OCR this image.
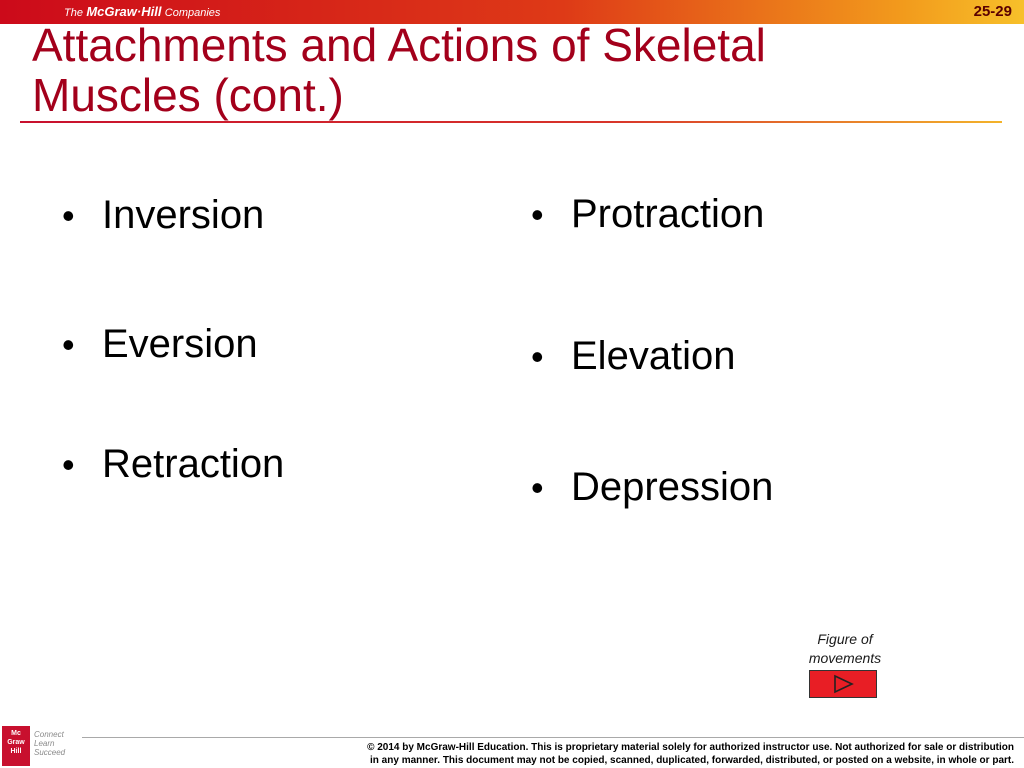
The McGraw·Hill Companies	25-29
Attachments and Actions of Skeletal
Muscles (cont.)
• Inversion
• Eversion
• Retraction
• Protraction
• Elevation
• Depression
Figure of
movements
Mc Graw Hill
Connect
Learn
Succeed	© 2014 by McGraw-Hill Education. This is proprietary material solely for authorized instructor use. Not authorized for sale or distribution
in any manner. This document may not be copied, scanned, duplicated, forwarded, distributed, or posted on a website, in whole or part.
